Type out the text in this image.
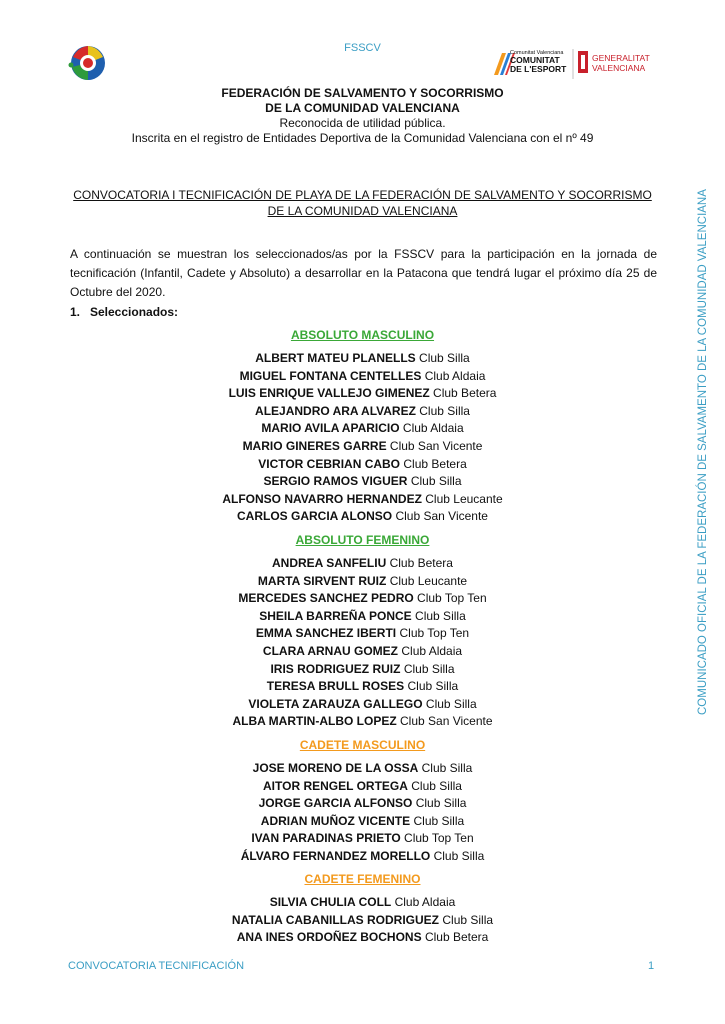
FSSCV	Comunitat Valenciana
COMUNITAT
DE L'ESPORT
GENERALITAT
VALENCIANA
FEDERACIÓN DE SALVAMENTO Y SOCORRISMO
DE LA COMUNIDAD VALENCIANA
Reconocida de utilidad pública.
Inscrita en el registro de Entidades Deportiva de la Comunidad Valenciana con el nº 49
CONVOCATORIA I TECNIFICACIÓN DE PLAYA DE LA FEDERACIÓN DE SALVAMENTO Y SOCORRISMO
DE LA COMUNIDAD VALENCIANA
A continuación se muestran los seleccionados/as por la FSSCV para la participación en la jornada de tecnificación (Infantil, Cadete y Absoluto) a desarrollar en la Patacona que tendrá lugar el próximo día 25 de Octubre del 2020.
1. Seleccionados:
ABSOLUTO MASCULINO
ABSOLUTO FEMENINO
CADETE MASCULINO
CADETE FEMENINO
ALBERT MATEU PLANELLS Club Silla
MIGUEL FONTANA CENTELLES Club Aldaia
LUIS ENRIQUE VALLEJO GIMENEZ Club Betera
ALEJANDRO ARA ALVAREZ Club Silla
MARIO AVILA APARICIO Club Aldaia
MARIO GINERES GARRE Club San Vicente
VICTOR CEBRIAN CABO Club Betera
SERGIO RAMOS VIGUER Club Silla
ALFONSO NAVARRO HERNANDEZ Club Leucante
CARLOS GARCIA ALONSO Club San Vicente
ANDREA SANFELIU Club Betera
MARTA SIRVENT RUIZ Club Leucante
MERCEDES SANCHEZ PEDRO Club Top Ten
SHEILA BARREÑA PONCE Club Silla
EMMA SANCHEZ IBERTI Club Top Ten
CLARA ARNAU GOMEZ Club Aldaia
IRIS RODRIGUEZ RUIZ Club Silla
TERESA BRULL ROSES Club Silla
VIOLETA ZARAUZA GALLEGO Club Silla
ALBA MARTIN-ALBO LOPEZ Club San Vicente
JOSE MORENO DE LA OSSA Club Silla
AITOR RENGEL ORTEGA Club Silla
JORGE GARCIA ALFONSO Club Silla
ADRIAN MUÑOZ VICENTE Club Silla
IVAN PARADINAS PRIETO Club Top Ten
ÁLVARO FERNANDEZ MORELLO Club Silla
SILVIA CHULIA COLL Club Aldaia
NATALIA CABANILLAS RODRIGUEZ Club Silla
ANA INES ORDOÑEZ BOCHONS Club Betera
COMUNICADO OFICIAL DE LA FEDERACIÓN DE SALVAMENTO DE LA COMUNIDAD VALENCIANA
CONVOCATORIA TECNIFICACIÓN	1
